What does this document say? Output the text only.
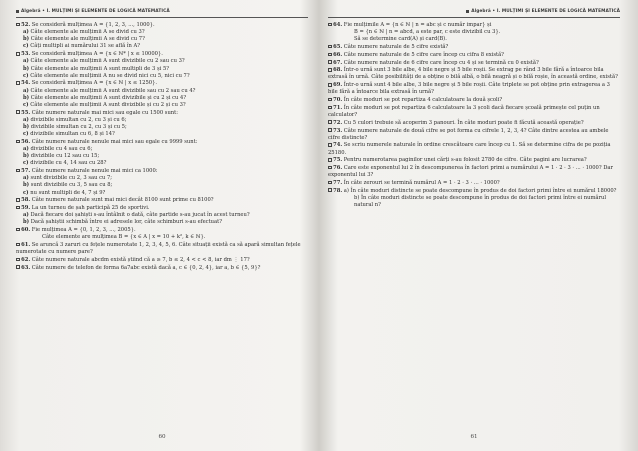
Algebră • I. MULȚIMI ȘI ELEMENTE DE LOGICĂ MATEMATICĂ
52. Se consideră mulțimea A = {1, 2, 3, ..., 1000}.
a) Câte elemente ale mulțimii A se divid cu 3?
b) Câte elemente ale mulțimii A se divid cu 7?
c) Câți multipli ai numărului 31 se află în A?
53. Se consideră mulțimea A = {x ∈ ℕ* | x ≤ 10000}.
a) Câte elemente ale mulțimii A sunt divizibile cu 2 sau cu 3?
b) Câte elemente ale mulțimii A sunt multipli de 3 și 5?
c) Câte elemente ale mulțimii A nu se divid nici cu 5, nici cu 7?
54. Se consideră mulțimea A = {x ∈ ℕ | x ≤ 1250}.
a) Câte elemente ale mulțimii A sunt divizibile sau cu 2 sau cu 4?
b) Câte elemente ale mulțimii A sunt divizibile și cu 2 și cu 4?
c) Câte elemente ale mulțimii A sunt divizibile și cu 2 și cu 3?
55. Câte numere naturale mai mici sau egale cu 1500 sunt:
a) divizibile simultan cu 2, cu 3 și cu 6;
b) divizibile simultan cu 2, cu 3 și cu 5;
c) divizibile simultan cu 6, 8 și 14?
56. Câte numere naturale nenule mai mici sau egale cu 9999 sunt:
a) divizibile cu 4 sau cu 6;
b) divizibile cu 12 sau cu 15;
c) divizibile cu 4, 14 sau cu 28?
57. Câte numere naturale nenule mai mici ca 1000:
a) sunt divizibile cu 2, 3 sau cu 7;
b) sunt divizibile cu 3, 5 sau cu 8;
c) nu sunt multipli de 4, 7 și 9?
58. Câte numere naturale sunt mai mici decât 8100 sunt prime cu 8100?
59. La un turneu de șah participă 25 de sportivi.
a) Dacă fiecare doi șahiști s-au întâlnit o dată, câte partide s-au jucat în acest turneu?
b) Dacă șahiștii schimbă între ei adresele lor, câte schimburi s-au efectuat?
60. Fie mulțimea A = {0, 1, 2, 3, ..., 2005}.
Câte elemente are mulțimea B = {x ∈ A | x = 10 + k², k ∈ ℕ}.
61. Se aruncă 3 zaruri cu fețele numerotate 1, 2, 3, 4, 5, 6. Câte situații există ca să apară simultan fețele numerotate cu numere pare?
62. Câte numere naturale abcdm există știind că a ≥ 7, b ≤ 2, 4 < c < 8, iar dm ⋮ 17?
63. Câte numere de telefon de forma 6a7abc există dacă a, c ∈ {0, 2, 4}, iar a, b ∈ {5, 9}?
60
Algebră • I. MULȚIMI ȘI ELEMENTE DE LOGICĂ MATEMATICĂ
64. Fie mulțimile A = {n ∈ ℕ | n = abc și c număr impar} și
B = {n ∈ ℕ | n = abcd, a este par, c este divizibil cu 3}.
Să se determine card(A) și card(B).
65. Câte numere naturale de 5 cifre există?
66. Câte numere naturale de 5 cifre care încep cu cifra 8 există?
67. Câte numere naturale de 6 cifre care încep cu 4 și se termină cu 0 există?
68. Într-o urnă sunt 3 bile albe, 4 bile negre și 5 bile roșii. Se extrag pe rând 3 bile fără a întoarce bila extrasă în urnă. Câte posibilități de a obține o bilă albă, o bilă neagră și o bilă roșie, în această ordine, există?
69. Într-o urnă sunt 4 bile albe, 3 bile negre și 5 bile roșii. Câte triplete se pot obține prin extragerea a 3 bile fără a întoarce bila extrasă în urnă?
70. În câte moduri se pot repartiza 4 calculatoare la două școli?
71. În câte moduri se pot repartiza 6 calculatoare la 3 școli dacă fiecare școală primește cel puțin un calculator?
72. Cu 5 culori trebuie să acoperim 3 panouri. În câte moduri poate fi făcută această operație?
73. Câte numere naturale de două cifre se pot forma cu cifrele 1, 2, 3, 4? Câte dintre acestea au ambele cifre distincte?
74. Se scriu numerele naturale în ordine crescătoare care încep cu 1. Să se determine cifra de pe poziția 25180.
75. Pentru numerotarea paginilor unei cărți s-au folosit 2780 de cifre. Câte pagini are lucrarea?
76. Care este exponentul lui 2 în descompunerea în factori primi a numărului A = 1 · 2 · 3 · ... · 1000? Dar exponentul lui 3?
77. În câte zerouri se termină numărul A = 1 · 2 · 3 · ... · 1000?
78. a) În câte moduri distincte se poate descompune în produs de doi factori primi între ei numărul 18000?
b) În câte moduri distincte se poate descompune în produs de doi factori primi între ei numărul natural n?
61
